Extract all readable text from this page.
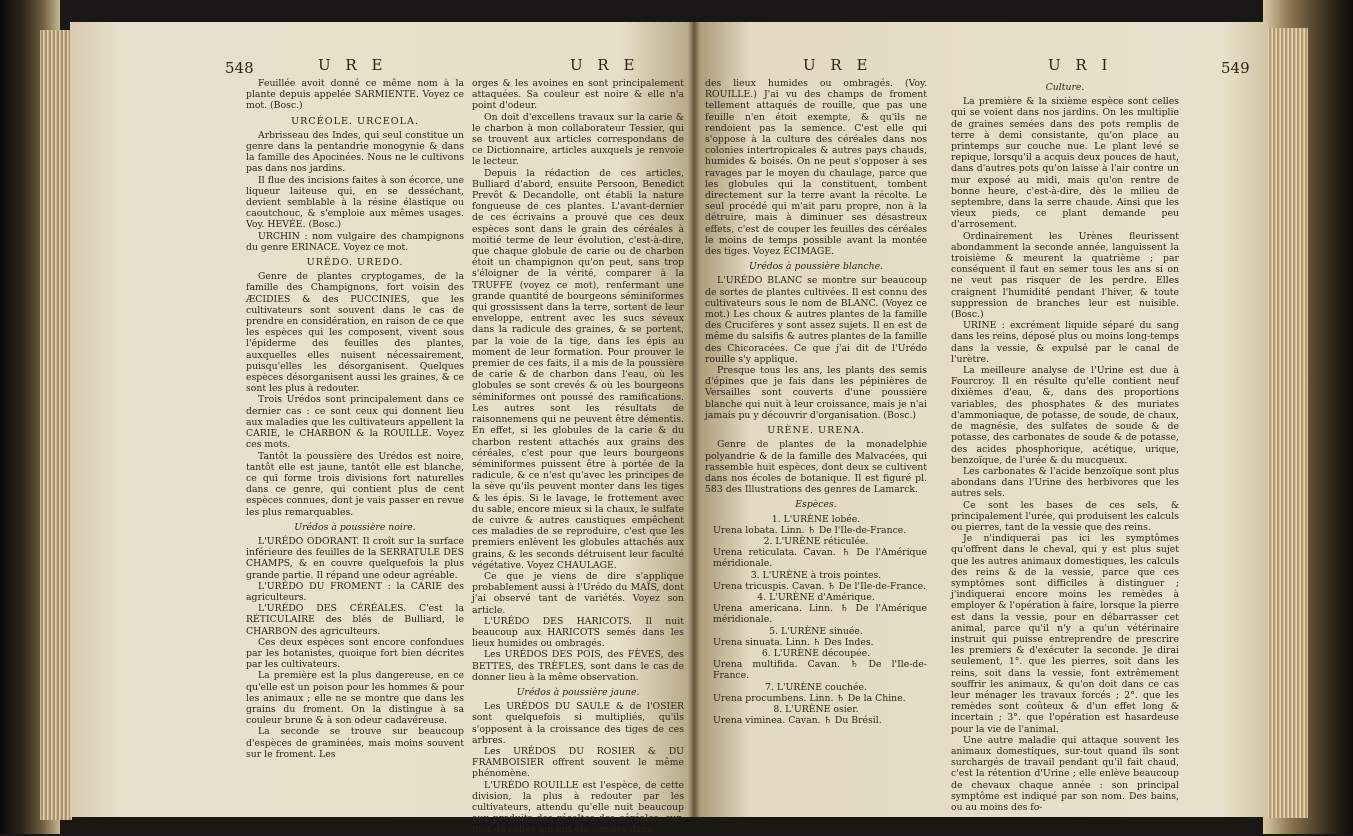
548	U R E	U R E

Feuillée avoit donné ce même nom à la plante depuis appelée SARMIENTE. Voyez ce mot. (Bosc.)

URCÉOLE. URCEOLA.

Arbrisseau des Indes, qui seul constitue un genre dans la pentandrie monogynie & dans la famille des Apocinées. Nous ne le cultivons pas dans nos jardins.

Il flue des incisions faites à son écorce, une liqueur laiteuse qui, en se desséchant, devient semblable à la résine élastique ou caoutchouc, & s'emploie aux mêmes usages. Voy. HEVÉE. (Bosc.)

URCHIN : nom vulgaire des champignons du genre ERINACE. Voyez ce mot.

URÉDO. UREDO.

Genre de plantes cryptogames, de la famille des Champignons, fort voisin des ÆCIDIES & des PUCCINIES, que les cultivateurs sont souvent dans le cas de prendre en considération, en raison de ce que les espèces qui les composent, vivent sous l'épiderme des feuilles des plantes, auxquelles elles nuisent nécessairement, puisqu'elles les désorganisent. Quelques espèces désorganisent aussi les graines, & ce sont les plus à redouter.

Trois Urédos sont principalement dans ce dernier cas : ce sont ceux qui donnent lieu aux maladies que les cultivateurs appellent la CARIE, le CHARBON & la ROUILLE. Voyez ces mots.

Tantôt la poussière des Urédos est noire, tantôt elle est jaune, tantôt elle est blanche, ce qui forme trois divisions fort naturelles dans ce genre, qui contient plus de cent espèces connues, dont je vais passer en revue les plus remarquables.

Urédos à poussière noire.

L'URÉDO ODORANT. Il croît sur la surface inférieure des feuilles de la SERRATULE DES CHAMPS, & en couvre quelquefois la plus grande partie. Il répand une odeur agréable.

L'URÉDO DU FROMENT : la CARIE des agriculteurs.

L'URÉDO DES CÉRÉALES. C'est la RÉTICULAIRE des blés de Bulliard, le CHARBON des agriculteurs.

Ces deux espèces sont encore confondues par les botanistes, quoique fort bien décrites par les cultivateurs.

La première est la plus dangereuse, en ce qu'elle est un poison pour les hommes & pour les animaux ; elle ne se montre que dans les grains du froment. On la distingue à sa couleur brune & à son odeur cadavéreuse.

La seconde se trouve sur beaucoup d'espèces de graminées, mais moins souvent sur le froment. Les

orges & les avoines en sont principalement attaquées. Sa couleur est noire & elle n'a point d'odeur.

On doit d'excellens travaux sur la carie & le charbon à mon collaborateur Tessier, qui se trouvent aux articles correspondans de ce Dictionnaire, articles auxquels je renvoie le lecteur.

Depuis la rédaction de ces articles, Bulliard d'abord, ensuite Persoon, Benedict Prevôt & Decandolle, ont établi la nature fongueuse de ces plantes. L'avant-dernier de ces écrivains a prouvé que ces deux espèces sont dans le grain des céréales à moitié terme de leur évolution, c'est-à-dire, que chaque globule de carie ou de charbon étoit un champignon qu'on peut, sans trop s'éloigner de la vérité, comparer à la TRUFFE (voyez ce mot), renfermant une grande quantité de bourgeons séminiformes qui grossissent dans la terre, sortent de leur enveloppe, entrent avec les sucs séveux dans la radicule des graines, & se portent, par la voie de la tige, dans les épis au moment de leur formation. Pour prouver le premier de ces faits, il a mis de la poussière de carie & de charbon dans l'eau, où les globules se sont crevés & où les bourgeons séminiformes ont poussé des ramifications. Les autres sont les résultats de raisonnemens qui ne peuvent être démentis. En effet, si les globules de la carie & du charbon restent attachés aux grains des céréales, c'est pour que leurs bourgeons séminiformes puissent être à portée de la radicule, & ce n'est qu'avec les principes de la sève qu'ils peuvent monter dans les tiges & les épis. Si le lavage, le frottement avec du sable, encore mieux si la chaux, le sulfate de cuivre & autres caustiques empêchent ces maladies de se reproduire, c'est que les premiers enlèvent les globules attachés aux grains, & les seconds détruisent leur faculté végétative. Voyez CHAULAGE.

Ce que je viens de dire s'applique probablement aussi à l'Urédo du MAÏS, dont j'ai observé tant de variétés. Voyez son article.

L'URÉDO DES HARICOTS. Il nuit beaucoup aux HARICOTS semés dans les lieux humides ou ombragés.

Les URÉDOS DES POIS, des FÈVES, des BETTES, des TRÈFLES, sont dans le cas de donner lieu à la même observation.

Urédos à poussière jaune.

Les URÉDOS DU SAULE & de l'OSIER sont quelquefois si multipliés, qu'ils s'opposent à la croissance des tiges de ces arbres.

Les URÉDOS DU ROSIER & DU FRAMBOISIER offrent souvent le même phénomène.

L'URÉDO ROUILLE est l'espèce, de cette division, la plus à redouter par les cultivateurs, attendu qu'elle nuit beaucoup aux produits des récoltes des céréales, sur-tout de celles qui ont été semées dans

U R E	U R I	549

des lieux humides ou ombragés. (Voy. ROUILLE.) J'ai vu des champs de froment tellement attaqués de rouille, que pas une feuille n'en étoit exempte, & qu'ils ne rendoient pas la semence. C'est elle qui s'oppose à la culture des céréales dans nos colonies intertropicales & autres pays chauds, humides & boisés. On ne peut s'opposer à ses ravages par le moyen du chaulage, parce que les globules qui la constituent, tombent directement sur la terre avant la récolte. Le seul procédé qui m'ait paru propre, non à la détruire, mais à diminuer ses désastreux effets, c'est de couper les feuilles des céréales le moins de temps possible avant la montée des tiges. Voyez ÉCIMAGE.

Urédos à poussière blanche.

L'URÉDO BLANC se montre sur beaucoup de sortes de plantes cultivées. Il est connu des cultivateurs sous le nom de BLANC. (Voyez ce mot.) Les choux & autres plantes de la famille des Crucifères y sont assez sujets. Il en est de même du salsifis & autres plantes de la famille des Chicoracées. Ce que j'ai dit de l'Urédo rouille s'y applique.

Presque tous les ans, les plants des semis d'épines que je fais dans les pépinières de Versailles sont couverts d'une poussière blanche qui nuit à leur croissance, mais je n'ai jamais pu y découvrir d'organisation. (Bosc.)

URÈNE. URENA.

Genre de plantes de la monadelphie polyandrie & de la famille des Malvacées, qui rassemble huit espèces, dont deux se cultivent dans nos écoles de botanique. Il est figuré pl. 583 des Illustrations des genres de Lamarck.

Espèces.

1. L'URÈNE lobée.

Urena lobata. Linn. ♄ De l'Ile-de-France.

2. L'URÈNE réticulée.

Urena reticulata. Cavan. ♄ De l'Amérique méridionale.

3. L'URÈNE à trois pointes.

Urena tricuspis. Cavan. ♄ De l'Ile-de-France.

4. L'URÈNE d'Amérique.

Urena americana. Linn. ♄ De l'Amérique méridionale.

5. L'URÈNE sinuée.

Urena sinuata. Linn. ♄ Des Indes.

6. L'URÈNE découpée.

Urena multifida. Cavan. ♄ De l'Ile-de-France.

7. L'URÈNE couchée.

Urena procumbens. Linn. ♄ De la Chine.

8. L'URÈNE osier.

Urena viminea. Cavan. ♄ Du Brésil.

Culture.

La première & la sixième espèce sont celles qui se voient dans nos jardins. On les multiplie de graines semées dans des pots remplis de terre à demi consistante, qu'on place au printemps sur couche nue. Le plant levé se repique, lorsqu'il a acquis deux pouces de haut, dans d'autres pots qu'on laisse à l'air contre un mur exposé au midi, mais qu'on rentre de bonne heure, c'est-à-dire, dès le milieu de septembre, dans la serre chaude. Ainsi que les vieux pieds, ce plant demande peu d'arrosement.

Ordinairement les Urènes fleurissent abondamment la seconde année, languissent la troisième & meurent la quatrième ; par conséquent il faut en semer tous les ans si on ne veut pas risquer de les perdre. Elles craignent l'humidité pendant l'hiver, & toute suppression de branches leur est nuisible. (Bosc.)

URINE : excrément liquide séparé du sang dans les reins, déposé plus ou moins long-temps dans la vessie, & expulsé par le canal de l'urètre.

La meilleure analyse de l'Urine est due à Fourcroy. Il en résulte qu'elle contient neuf dixièmes d'eau, &, dans des proportions variables, des phosphates & des muriates d'ammoniaque, de potasse, de soude, de chaux, de magnésie, des sulfates de soude & de potasse, des carbonates de soude & de potasse, des acides phosphorique, acétique, urique, benzoïque, de l'urée & du mucqueux.

Les carbonates & l'acide benzoïque sont plus abondans dans l'Urine des herbivores que les autres sels.

Ce sont les bases de ces sels, & principalement l'urée, qui produisent les calculs ou pierres, tant de la vessie que des reins.

Je n'indiquerai pas ici les symptômes qu'offrent dans le cheval, qui y est plus sujet que les autres animaux domestiques, les calculs des reins & de la vessie, parce que ces symptômes sont difficiles à distinguer ; j'indiquerai encore moins les remèdes à employer & l'opération à faire, lorsque la pierre est dans la vessie, pour en débarrasser cet animal, parce qu'il n'y a qu'un vétérinaire instruit qui puisse entreprendre de prescrire les premiers & d'exécuter la seconde. Je dirai seulement, 1°. que les pierres, soit dans les reins, soit dans la vessie, font extrêmement souffrir les animaux, & qu'on doit dans ce cas leur ménager les travaux forcés ; 2°. que les remèdes sont coûteux & d'un effet long & incertain ; 3°. que l'opération est hasardeuse pour la vie de l'animal.

Une autre maladie qui attaque souvent les animaux domestiques, sur-tout quand ils sont surchargés de travail pendant qu'il fait chaud, c'est la rétention d'Urine ; elle enlève beaucoup de chevaux chaque année : son principal symptôme est indiqué par son nom. Des bains, ou au moins des fo-
